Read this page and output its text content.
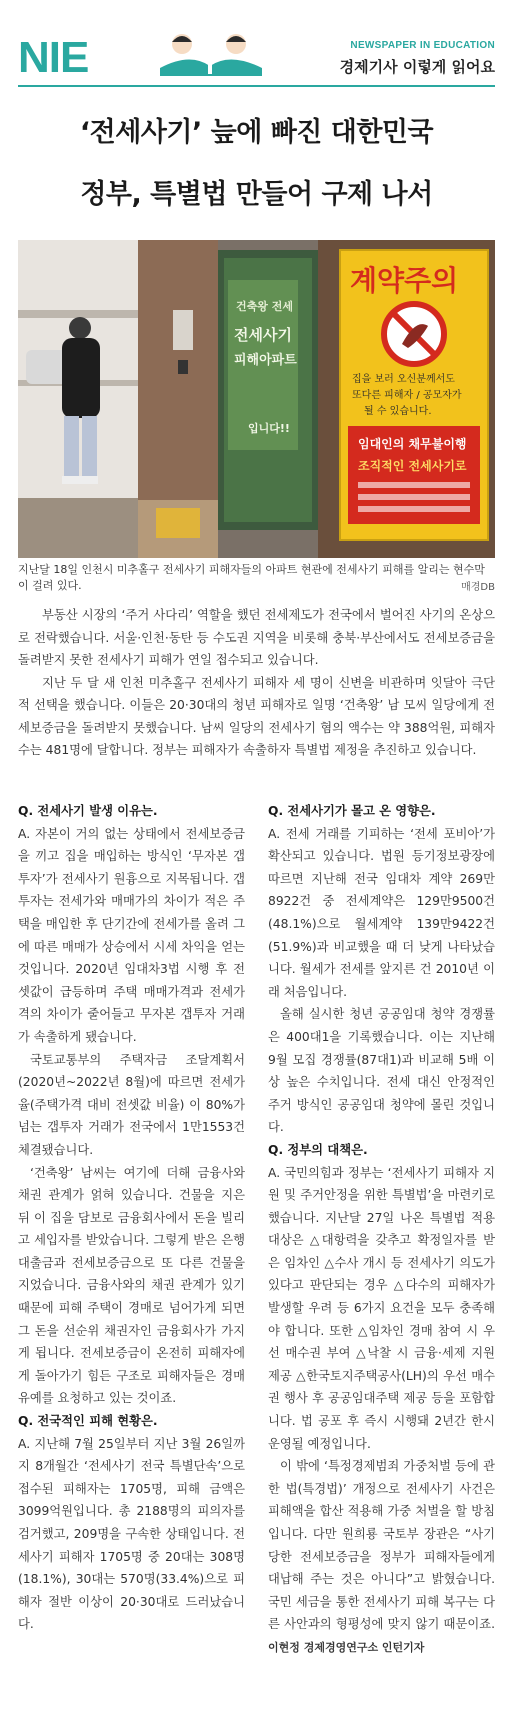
NIE	NEWSPAPER IN EDUCATION
경제기사 이렇게 읽어요
‘전세사기’ 늪에 빠진 대한민국
정부, 특별법 만들어 구제 나서
건축왕 전세
전세사기
피해아파트
입니다!!
계약주의
집을 보러 오신분께서도
또다른 피해자 / 공모자가
될 수 있습니다.
임대인의 채무불이행
조직적인 전세사기로
지난달 18일 인천시 미추홀구 전세사기 피해자들의 아파트 현관에 전세사기 피해를 알리는 현수막이 걸려 있다.	매경DB

부동산 시장의 ‘주거 사다리’ 역할을 했던 전세제도가 전국에서 벌어진 사기의 온상으로 전락했습니다. 서울·인천·동탄 등 수도권 지역을 비롯해 충북·부산에서도 전세보증금을 돌려받지 못한 전세사기 피해가 연일 접수되고 있습니다.

지난 두 달 새 인천 미추홀구 전세사기 피해자 세 명이 신변을 비관하며 잇달아 극단적 선택을 했습니다. 이들은 20·30대의 청년 피해자로 일명 ‘건축왕’ 남 모씨 일당에게 전세보증금을 돌려받지 못했습니다. 남씨 일당의 전세사기 혐의 액수는 약 388억원, 피해자 수는 481명에 달합니다. 정부는 피해자가 속출하자 특별법 제정을 추진하고 있습니다.

Q. 전세사기 발생 이유는.

A. 자본이 거의 없는 상태에서 전세보증금을 끼고 집을 매입하는 방식인 ‘무자본 갭투자’가 전세사기 원흉으로 지목됩니다. 갭투자는 전세가와 매매가의 차이가 적은 주택을 매입한 후 단기간에 전세가를 올려 그에 따른 매매가 상승에서 시세 차익을 얻는 것입니다. 2020년 임대차3법 시행 후 전셋값이 급등하며 주택 매매가격과 전세가격의 차이가 줄어들고 무자본 갭투자 거래가 속출하게 됐습니다.

국토교통부의 주택자금 조달계획서(2020년~2022년 8월)에 따르면 전세가율(주택가격 대비 전셋값 비율) 이 80%가 넘는 갭투자 거래가 전국에서 1만1553건 체결됐습니다.

‘건축왕’ 남씨는 여기에 더해 금융사와 채권 관계가 얽혀 있습니다. 건물을 지은 뒤 이 집을 담보로 금융회사에서 돈을 빌리고 세입자를 받았습니다. 그렇게 받은 은행 대출금과 전세보증금으로 또 다른 건물을 지었습니다. 금융사와의 채권 관계가 있기 때문에 피해 주택이 경매로 넘어가게 되면 그 돈을 선순위 채권자인 금융회사가 가지게 됩니다. 전세보증금이 온전히 피해자에게 돌아가기 힘든 구조로 피해자들은 경매 유예를 요청하고 있는 것이죠.

Q. 전국적인 피해 현황은.

A. 지난해 7월 25일부터 지난 3월 26일까지 8개월간 ‘전세사기 전국 특별단속’으로 접수된 피해자는 1705명, 피해 금액은 3099억원입니다. 총 2188명의 피의자를 검거했고, 209명을 구속한 상태입니다. 전세사기 피해자 1705명 중 20대는 308명(18.1%), 30대는 570명(33.4%)으로 피해자 절반 이상이 20·30대로 드러났습니다.

Q. 전세사기가 몰고 온 영향은.

A. 전세 거래를 기피하는 ‘전세 포비아’가 확산되고 있습니다. 법원 등기정보광장에 따르면 지난해 전국 임대차 계약 269만8922건 중 전세계약은 129만9500건(48.1%)으로 월세계약 139만9422건(51.9%)과 비교했을 때 더 낮게 나타났습니다. 월세가 전세를 앞지른 건 2010년 이래 처음입니다.

올해 실시한 청년 공공임대 청약 경쟁률은 400대1을 기록했습니다. 이는 지난해 9월 모집 경쟁률(87대1)과 비교해 5배 이상 높은 수치입니다. 전세 대신 안정적인 주거 방식인 공공임대 청약에 몰린 것입니다.

Q. 정부의 대책은.

A. 국민의힘과 정부는 ‘전세사기 피해자 지원 및 주거안정을 위한 특별법’을 마련키로 했습니다. 지난달 27일 나온 특별법 적용 대상은 △대항력을 갖추고 확정일자를 받은 임차인 △수사 개시 등 전세사기 의도가 있다고 판단되는 경우 △다수의 피해자가 발생할 우려 등 6가지 요건을 모두 충족해야 합니다. 또한 △임차인 경매 참여 시 우선 매수권 부여 △낙찰 시 금융·세제 지원 제공 △한국토지주택공사(LH)의 우선 매수권 행사 후 공공임대주택 제공 등을 포함합니다. 법 공포 후 즉시 시행돼 2년간 한시 운영될 예정입니다.

이 밖에 ‘특정경제범죄 가중처벌 등에 관한 법(특경법)’ 개정으로 전세사기 사건은 피해액을 합산 적용해 가중 처벌을 할 방침입니다. 다만 원희룡 국토부 장관은 “사기당한 전세보증금을 정부가 피해자들에게 대납해 주는 것은 아니다”고 밝혔습니다. 국민 세금을 통한 전세사기 피해 복구는 다른 사안과의 형평성에 맞지 않기 때문이죠. 이현정 경제경영연구소 인턴기자
